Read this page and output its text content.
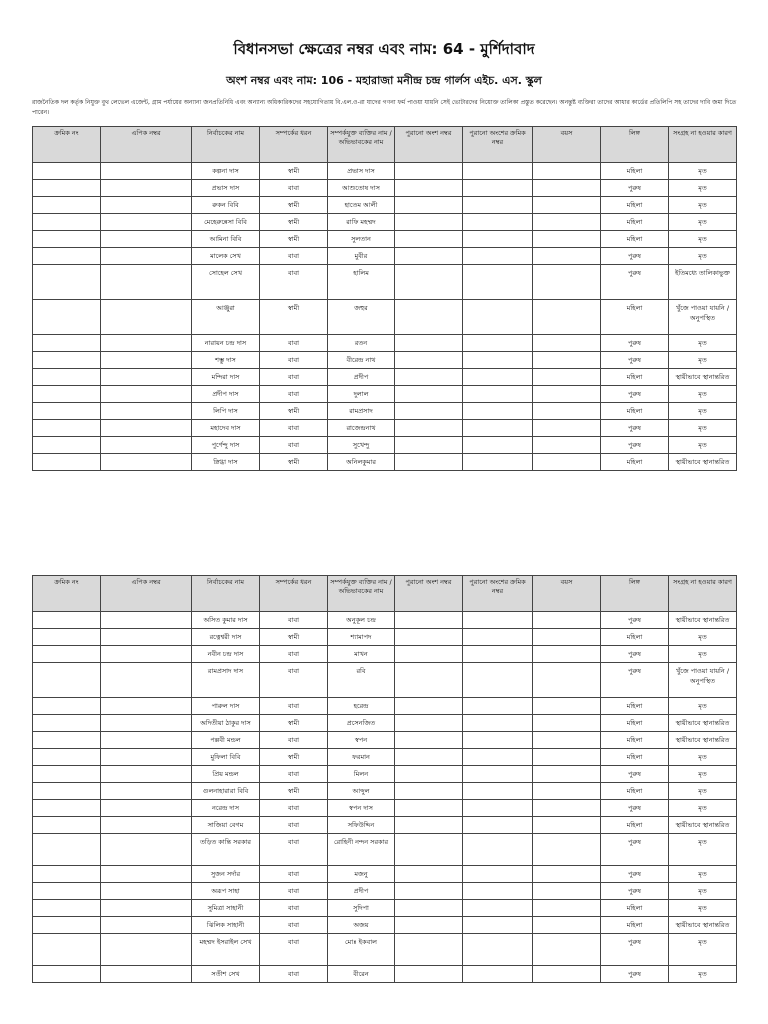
বিধানসভা ক্ষেত্রের নম্বর এবং নাম: 64 - মুর্শিদাবাদ
অংশ নম্বর এবং নাম: 106 - মহারাজা মনীন্দ্র চন্দ্র গার্লস এইচ. এস. স্কুল
রাজনৈতিক দল কর্তৃক নিযুক্ত বুথ লেভেল এজেন্ট, গ্রাম পর্যায়ের অন্যান্য জনপ্রতিনিধি এবং অন্যান্য অধিকারিকদের সহযোগিতায় বি.এল.ও-রা যাদের গণনা ফর্ম পাওয়া যায়নি সেই ভোটারদের নিয়োক্ত তালিকা প্রস্তুত করেছেন। অনন্তুষ্ট ব্যক্তিরা তাদের আধার কার্ডের প্রতিলিপি সহ তাদের দাবি জমা দিতে পারেন।
ক্রমিক নং	এপিক নম্বর	নির্বাচকের নাম	সম্পর্কের ধরন	সম্পর্কযুক্ত ব্যক্তির নাম / অভিভাবকের নাম	পুরানো অংশ নম্বর	পুরানো অংশের ক্রমিক নম্বর	বয়স	লিঙ্গ	সংগ্রহ না হওয়ার কারণ
		কল্পনা দাস	স্বামী	প্রভাস দাস				মহিলা	মৃত
		প্রভাস দাস	বাবা	আশুতোষ দাস				পুরুষ	মৃত
		রুকন বিবি	স্বামী	হাতেম আলী				মহিলা	মৃত
		মেহেরুন্নেসা বিবি	স্বামী	রাফি মহম্মদ				মহিলা	মৃত
		আমিনা বিবি	স্বামী	সুলতান				মহিলা	মৃত
		মালেক সেখ	বাবা	মুবীর				পুরুষ	মৃত
		সোহেল সেখ	বাবা	হালিম				পুরুষ	ইতিমধ্যে তালিকাভুক্ত
		আঞ্জুরা	স্বামী	জহুর				মহিলা	খুঁজে পাওয়া যায়নি / অনুপস্থিত
		নারায়ন চন্দ্র দাস	বাবা	রতন				পুরুষ	মৃত
		শম্ভু দাস	বাবা	বীরেন্দ্র নাথ				পুরুষ	মৃত
		মন্দিরা দাস	বাবা	প্রদীপ				মহিলা	স্থায়ীভাবে স্থানান্তরিত
		প্রদীপ দাস	বাবা	দুলাল				পুরুষ	মৃত
		লিপি দাস	স্বামী	রামপ্রসাদ				মহিলা	মৃত
		মহাদেব দাস	বাবা	রাজেন্দ্রনাথ				পুরুষ	মৃত
		পুর্ণেন্দু দাস	বাবা	সুখেন্দু				পুরুষ	মৃত
		স্নিগ্ধা দাস	স্বামী	অনিলকুমার				মহিলা	স্থায়ীভাবে স্থানান্তরিত
ক্রমিক নং	এপিক নম্বর	নির্বাচকের নাম	সম্পর্কের ধরন	সম্পর্কযুক্ত ব্যক্তির নাম / অভিভাবকের নাম	পুরানো অংশ নম্বর	পুরানো অংশের ক্রমিক নম্বর	বয়স	লিঙ্গ	সংগ্রহ না হওয়ার কারণ
		অসিত কুমার দাস	বাবা	অনুকূল চন্দ্র				পুরুষ	স্থায়ীভাবে স্থানান্তরিত
		রত্নেশ্বরী দাস	স্বামী	শ্যামাপদ				মহিলা	মৃত
		নবীন চন্দ্র দাস	বাবা	মাখন				পুরুষ	মৃত
		রামপ্রসাদ দাস	বাবা	রবি				পুরুষ	খুঁজে পাওয়া যায়নি / অনুপস্থিত
		পারুল দাস	বাবা	হরেন্দ্র				মহিলা	মৃত
		অদিতীয়া ঠাকুর দাস	স্বামী	প্রসেনজিত				মহিলা	স্থায়ীভাবে স্থানান্তরিত
		পল্লবী মন্ডল	বাবা	স্বপন				মহিলা	স্থায়ীভাবে স্থানান্তরিত
		মুফিলা বিবি	স্বামী	ফরমান				মহিলা	মৃত
		প্রিয় মন্ডল	বাবা	মিলন				পুরুষ	মৃত
		গুলনাহারারা বিবি	স্বামী	আব্দুল				মহিলা	মৃত
		নরেন্দ্র দাস	বাবা	স্বপন দাস				পুরুষ	মৃত
		সাজিয়া বেগম	বাবা	সফিউদ্দিন				মহিলা	স্থায়ীভাবে স্থানান্তরিত
		তড়িত কান্তি সরকার	বাবা	রোহিনী নন্দন সরকার				পুরুষ	মৃত
		সুজন সর্দার	বাবা	মজনু				পুরুষ	মৃত
		অরূপ সাহা	বাবা	প্রদীপ				পুরুষ	মৃত
		সুমিত্রা সাহানী	বাবা	সুদিপা				মহিলা	মৃত
		ঝিলিক সাহানী	বাবা	অজয়				মহিলা	স্থায়ীভাবে স্থানান্তরিত
		মহম্মদ ইসরাইল সেখ	বাবা	মোঃ ইকবাল				পুরুষ	মৃত
		সতীশ সেখ	বাবা	বীরেন				পুরুষ	মৃত
